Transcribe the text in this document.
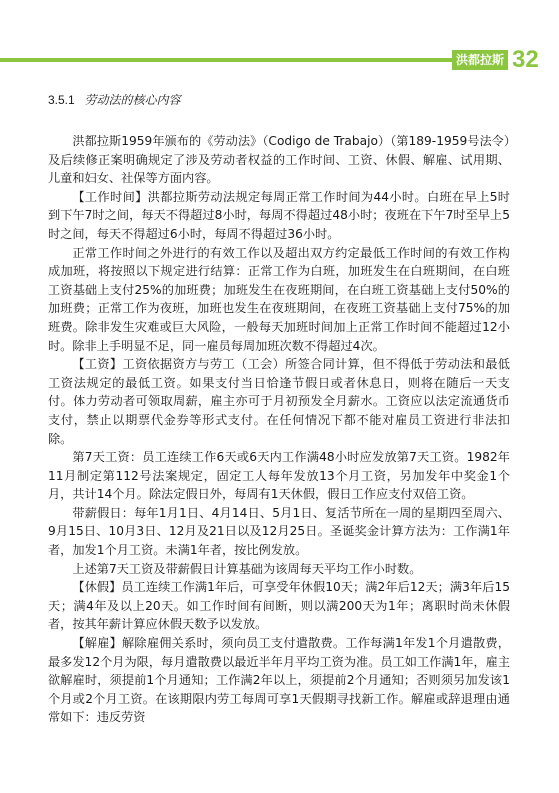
洪都拉斯 32
3.5.1 劳动法的核心内容

洪都拉斯1959年颁布的《劳动法》（Codigo de Trabajo）（第189-1959号法令）及后续修正案明确规定了涉及劳动者权益的工作时间、工资、休假、解雇、试用期、儿童和妇女、社保等方面内容。

【工作时间】洪都拉斯劳动法规定每周正常工作时间为44小时。白班在早上5时到下午7时之间，每天不得超过8小时，每周不得超过48小时；夜班在下午7时至早上5时之间，每天不得超过6小时，每周不得超过36小时。

正常工作时间之外进行的有效工作以及超出双方约定最低工作时间的有效工作构成加班，将按照以下规定进行结算：正常工作为白班，加班发生在白班期间，在白班工资基础上支付25%的加班费；加班发生在夜班期间，在白班工资基础上支付50%的加班费；正常工作为夜班，加班也发生在夜班期间，在夜班工资基础上支付75%的加班费。除非发生灾难或巨大风险，一般每天加班时间加上正常工作时间不能超过12小时。除非上手明显不足，同一雇员每周加班次数不得超过4次。

【工资】工资依据资方与劳工（工会）所签合同计算，但不得低于劳动法和最低工资法规定的最低工资。如果支付当日恰逢节假日或者休息日，则将在随后一天支付。体力劳动者可领取周薪，雇主亦可于月初预发全月薪水。工资应以法定流通货币支付，禁止以期票代金券等形式支付。在任何情况下都不能对雇员工资进行非法扣除。

第7天工资：员工连续工作6天或6天内工作满48小时应发放第7天工资。1982年11月制定第112号法案规定，固定工人每年发放13个月工资，另加发年中奖金1个月，共计14个月。除法定假日外，每周有1天休假，假日工作应支付双倍工资。

带薪假日：每年1月1日、4月14日、5月1日、复活节所在一周的星期四至周六、9月15日、10月3日、12月及21日以及12月25日。圣诞奖金计算方法为：工作满1年者，加发1个月工资。未满1年者，按比例发放。

上述第7天工资及带薪假日计算基础为该周每天平均工作小时数。

【休假】员工连续工作满1年后，可享受年休假10天；满2年后12天；满3年后15天；满4年及以上20天。如工作时间有间断，则以满200天为1年；离职时尚未休假者，按其年薪计算应休假天数予以发放。

【解雇】解除雇佣关系时，须向员工支付遣散费。工作每满1年发1个月遣散费，最多发12个月为限，每月遣散费以最近半年月平均工资为准。员工如工作满1年，雇主欲解雇时，须提前1个月通知；工作满2年以上，须提前2个月通知；否则须另加发该1个月或2个月工资。在该期限内劳工每周可享1天假期寻找新工作。解雇或辞退理由通常如下：违反劳资
